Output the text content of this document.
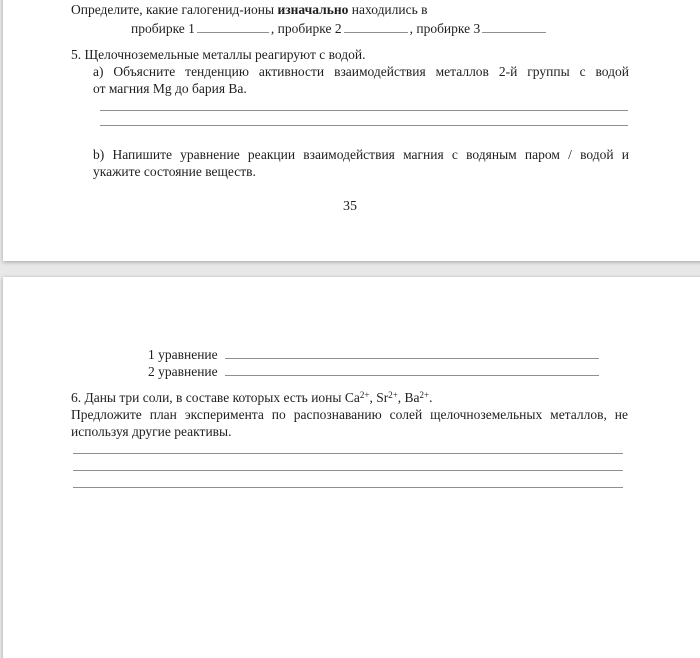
Определите, какие галогенид-ионы изначально находились в
пробирке 1	, пробирке 2	, пробирке 3
5. Щелочноземельные металлы реагируют с водой.
а) Объясните тенденцию активности взаимодействия металлов 2-й группы с водой
от магния Mg до бария Ba.
b) Напишите уравнение реакции взаимодействия магния с водяным паром / водой и
укажите состояние веществ.
35
1 уравнение
2 уравнение
6. Даны три соли, в составе которых есть ионы $Ca^{2+}$, $Sr^{2+}$, $Ba^{2+}$.
Предложите план эксперимента по распознаванию солей щелочноземельных металлов, не
используя другие реактивы.
